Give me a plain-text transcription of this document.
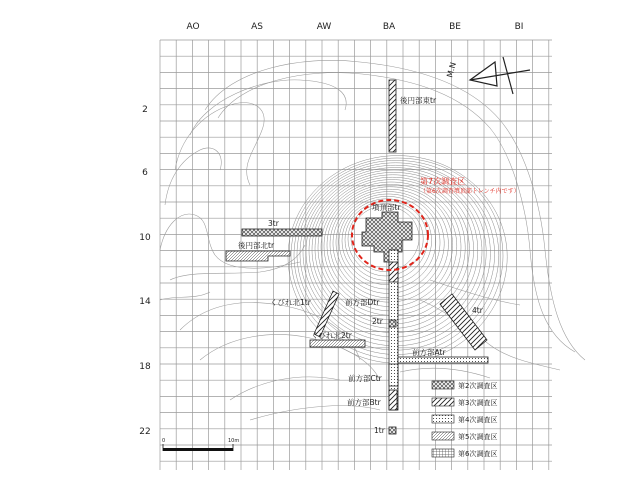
AO	AS	AW	BA	BE	BI
2
6
10
14
18
22
後円部東tr
墳頂部tr
3tr
後円部北tr
くびれ北1tr	前方部Dtr
4tr
2tr
くびれ北2tr
前方部Atr
前方部Ctr
前方部Btr
1tr
第7次調査区
（第6次調査墳頂部トレンチ内です）
M.N
0	10m
第2次調査区
第3次調査区
第4次調査区
第5次調査区
第6次調査区
